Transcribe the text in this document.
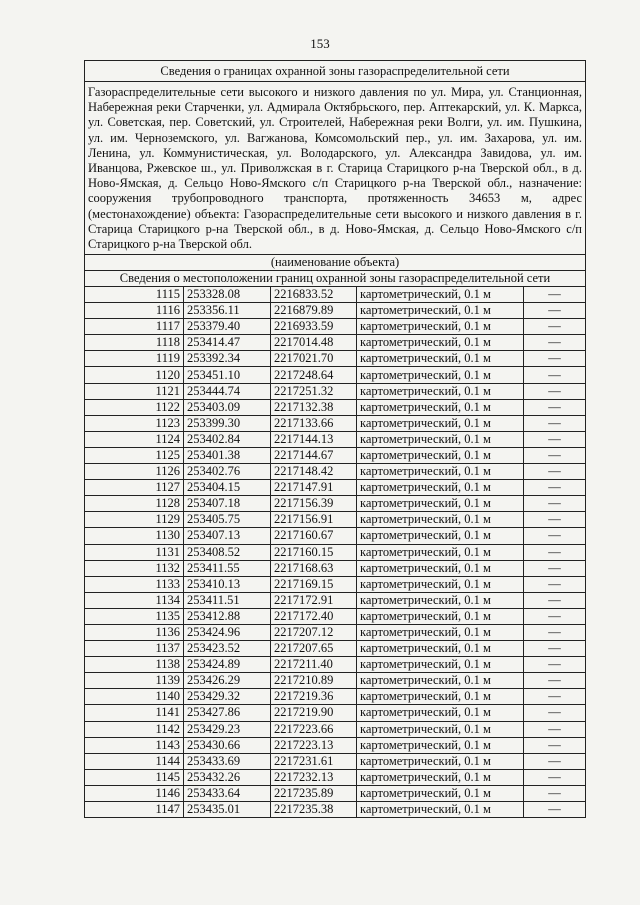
153
Сведения о границах охранной зоны газораспределительной сети
Газораспределительные сети высокого и низкого давления по ул. Мира, ул. Станционная, Набережная реки Старченки, ул. Адмирала Октябрьского, пер. Аптекарский, ул. К. Маркса, ул. Советская, пер. Советский, ул. Строителей, Набережная реки Волги, ул. им. Пушкина, ул. им. Черноземского, ул. Вагжанова, Комсомольский пер., ул. им. Захарова, ул. им. Ленина, ул. Коммунистическая, ул. Володарского, ул. Александра Завидова, ул. им. Иванцова, Ржевское ш., ул. Приволжская в г. Старица Старицкого р-на Тверской обл., в д. Ново-Ямская, д. Сельцо Ново-Ямского с/п Старицкого р-на Тверской обл., назначение: сооружения трубопроводного транспорта, протяженность 34653 м, адрес (местонахождение) объекта: Газораспределительные сети высокого и низкого давления в г. Старица Старицкого р-на Тверской обл., в д. Ново-Ямская, д. Сельцо Ново-Ямского с/п Старицкого р-на Тверской обл.
(наименование объекта)
Сведения о местоположении границ охранной зоны газораспределительной сети
1115	253328.08	2216833.52	картометрический, 0.1 м	—
1116	253356.11	2216879.89	картометрический, 0.1 м	—
1117	253379.40	2216933.59	картометрический, 0.1 м	—
1118	253414.47	2217014.48	картометрический, 0.1 м	—
1119	253392.34	2217021.70	картометрический, 0.1 м	—
1120	253451.10	2217248.64	картометрический, 0.1 м	—
1121	253444.74	2217251.32	картометрический, 0.1 м	—
1122	253403.09	2217132.38	картометрический, 0.1 м	—
1123	253399.30	2217133.66	картометрический, 0.1 м	—
1124	253402.84	2217144.13	картометрический, 0.1 м	—
1125	253401.38	2217144.67	картометрический, 0.1 м	—
1126	253402.76	2217148.42	картометрический, 0.1 м	—
1127	253404.15	2217147.91	картометрический, 0.1 м	—
1128	253407.18	2217156.39	картометрический, 0.1 м	—
1129	253405.75	2217156.91	картометрический, 0.1 м	—
1130	253407.13	2217160.67	картометрический, 0.1 м	—
1131	253408.52	2217160.15	картометрический, 0.1 м	—
1132	253411.55	2217168.63	картометрический, 0.1 м	—
1133	253410.13	2217169.15	картометрический, 0.1 м	—
1134	253411.51	2217172.91	картометрический, 0.1 м	—
1135	253412.88	2217172.40	картометрический, 0.1 м	—
1136	253424.96	2217207.12	картометрический, 0.1 м	—
1137	253423.52	2217207.65	картометрический, 0.1 м	—
1138	253424.89	2217211.40	картометрический, 0.1 м	—
1139	253426.29	2217210.89	картометрический, 0.1 м	—
1140	253429.32	2217219.36	картометрический, 0.1 м	—
1141	253427.86	2217219.90	картометрический, 0.1 м	—
1142	253429.23	2217223.66	картометрический, 0.1 м	—
1143	253430.66	2217223.13	картометрический, 0.1 м	—
1144	253433.69	2217231.61	картометрический, 0.1 м	—
1145	253432.26	2217232.13	картометрический, 0.1 м	—
1146	253433.64	2217235.89	картометрический, 0.1 м	—
1147	253435.01	2217235.38	картометрический, 0.1 м	—
